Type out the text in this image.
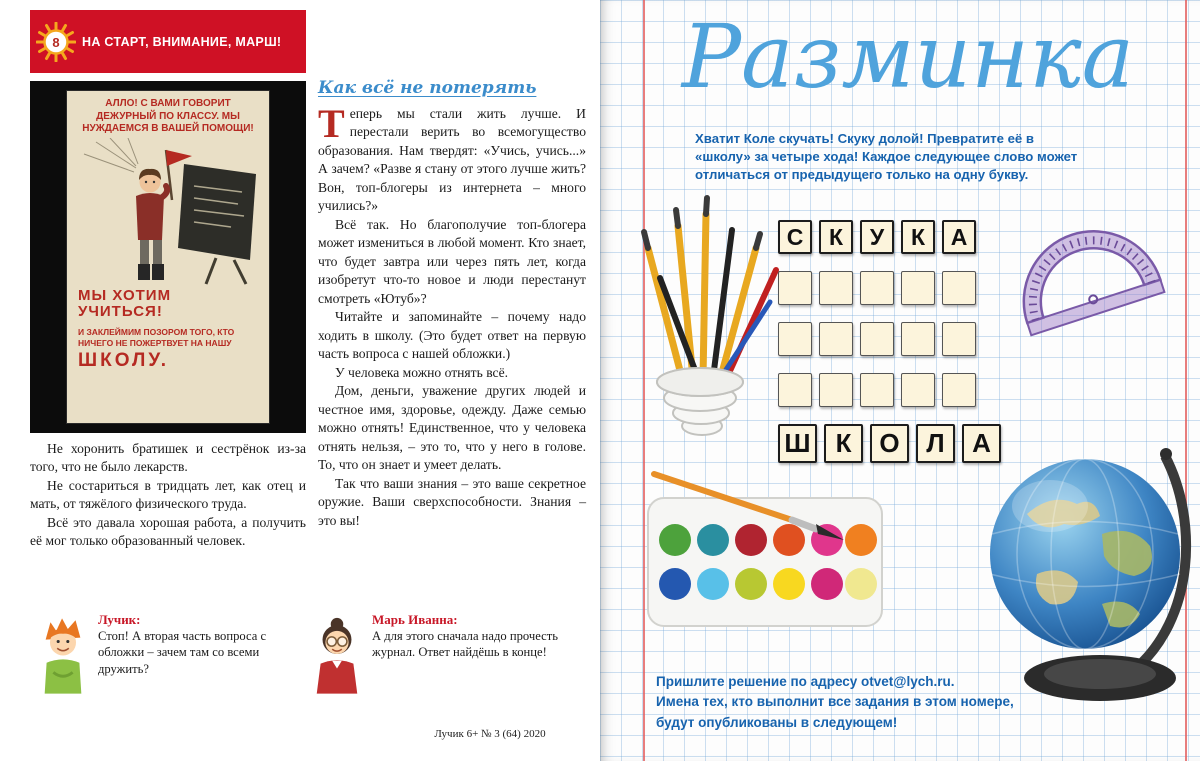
8 НА СТАРТ, ВНИМАНИЕ, МАРШ!
АЛЛО! С ВАМИ ГОВОРИТ ДЕЖУРНЫЙ ПО КЛАССУ. МЫ НУЖДАЕМСЯ В ВАШЕЙ ПОМОЩИ!
МЫ ХОТИМ УЧИТЬСЯ!
И ЗАКЛЕЙМИМ ПОЗОРОМ ТОГО, КТО НИЧЕГО НЕ ПОЖЕРТВУЕТ НА НАШУ
ШКОЛУ.

Не хоронить братишек и сестрёнок из-за того, что не было лекарств.

Не состариться в тридцать лет, как отец и мать, от тяжёлого физического труда.

Всё это давала хорошая работа, а получить её мог только образованный человек.

Как всё не потерять

Теперь мы стали жить лучше. И перестали верить во всемогущество образования. Нам твердят: «Учись, учись...» А зачем? «Разве я стану от этого лучше жить? Вон, топ-блогеры из интернета – много учились?»

Всё так. Но благополучие топ-блогера может измениться в любой момент. Кто знает, что будет завтра или через пять лет, когда изобретут что-то новое и люди перестанут смотреть «Ютуб»?

Читайте и запоминайте – почему надо ходить в школу. (Это будет ответ на первую часть вопроса с нашей обложки.)

У человека можно отнять всё.

Дом, деньги, уважение других людей и честное имя, здоровье, одежду. Даже семью можно отнять! Единственное, что у человека отнять нельзя, – это то, что у него в голове. То, что он знает и умеет делать.

Так что ваши знания – это ваше секретное оружие. Ваши сверхспособности. Знания – это вы!

Лучик:
Стоп! А вторая часть вопроса с обложки – зачем там со всеми дружить?
Марь Иванна:
А для этого сначала надо прочесть журнал. Ответ найдёшь в конце!
Лучик 6+ № 3 (64) 2020
Разминка

Хватит Коле скучать! Скуку долой! Превратите её в «школу» за четыре хода! Каждое следующее слово может отличаться от предыдущего только на одну букву.

С	К	У	К	А
Ш К	О	Л	А

Пришлите решение по адресу otvet@lych.ru.

Имена тех, кто выполнит все задания в этом номере,

будут опубликованы в следующем!
